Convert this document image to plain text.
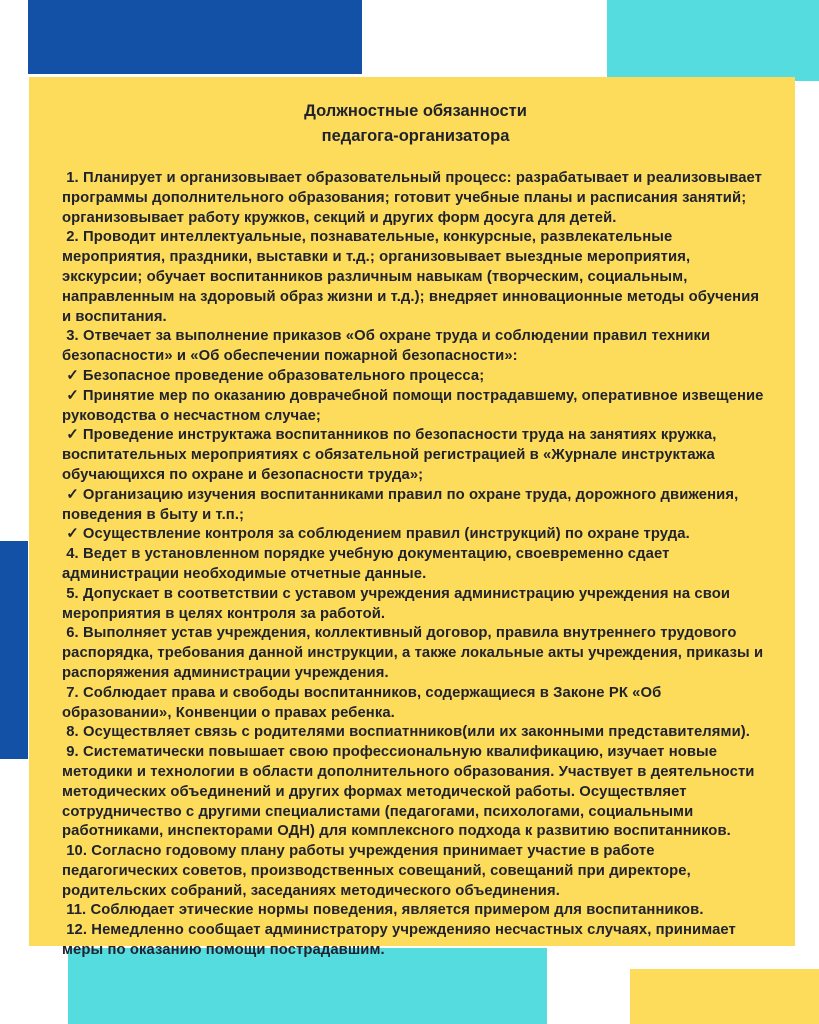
Должностные обязанности
педагога-организатора

1. Планирует и организовывает образовательный процесс: разрабатывает и реализовывает программы дополнительного образования; готовит учебные планы и расписания занятий; организовывает работу кружков, секций и других форм досуга для детей.

2. Проводит интеллектуальные, познавательные, конкурсные, развлекательные мероприятия, праздники, выставки и т.д.; организовывает выездные мероприятия, экскурсии; обучает воспитанников различным навыкам (творческим, социальным, направленным на здоровый образ жизни и т.д.); внедряет инновационные методы обучения и воспитания.

3. Отвечает за выполнение приказов «Об охране труда и соблюдении правил техники безопасности» и «Об обеспечении пожарной безопасности»:

✓ Безопасное проведение образовательного процесса;

✓ Принятие мер по оказанию доврачебной помощи пострадавшему, оперативное извещение руководства о несчастном случае;

✓ Проведение инструктажа воспитанников по безопасности труда на занятиях кружка, воспитательных мероприятиях с обязательной регистрацией в «Журнале инструктажа обучающихся по охране и безопасности труда»;

✓ Организацию изучения воспитанниками правил по охране труда, дорожного движения, поведения в быту и т.п.;

✓ Осуществление контроля за соблюдением правил (инструкций) по охране труда.

4. Ведет в установленном порядке учебную документацию, своевременно сдает администрации необходимые отчетные данные.

5. Допускает в соответствии с уставом учреждения администрацию учреждения на свои мероприятия в целях контроля за работой.

6. Выполняет устав учреждения, коллективный договор, правила внутреннего трудового распорядка, требования данной инструкции, а также локальные акты учреждения, приказы и распоряжения администрации учреждения.

7. Соблюдает права и свободы воспитанников, содержащиеся в Законе РК «Об образовании», Конвенции о правах ребенка.

8. Осуществляет связь с родителями воспиатнников(или их законными представителями).

9. Систематически повышает свою профессиональную квалификацию, изучает новые методики и технологии в области дополнительного образования. Участвует в деятельности методических объединений и других формах методической работы. Осуществляет сотрудничество с другими специалистами (педагогами, психологами, социальными работниками, инспекторами ОДН) для комплексного подхода к развитию воспитанников.

10. Согласно годовому плану работы учреждения принимает участие в работе педагогических советов, производственных совещаний, совещаний при директоре, родительских собраний, заседаниях методического объединения.

11. Соблюдает этические нормы поведения, является примером для воспитанников.

12. Немедленно сообщает администратору учрежденияо несчастных случаях, принимает меры по оказанию помощи пострадавшим.
